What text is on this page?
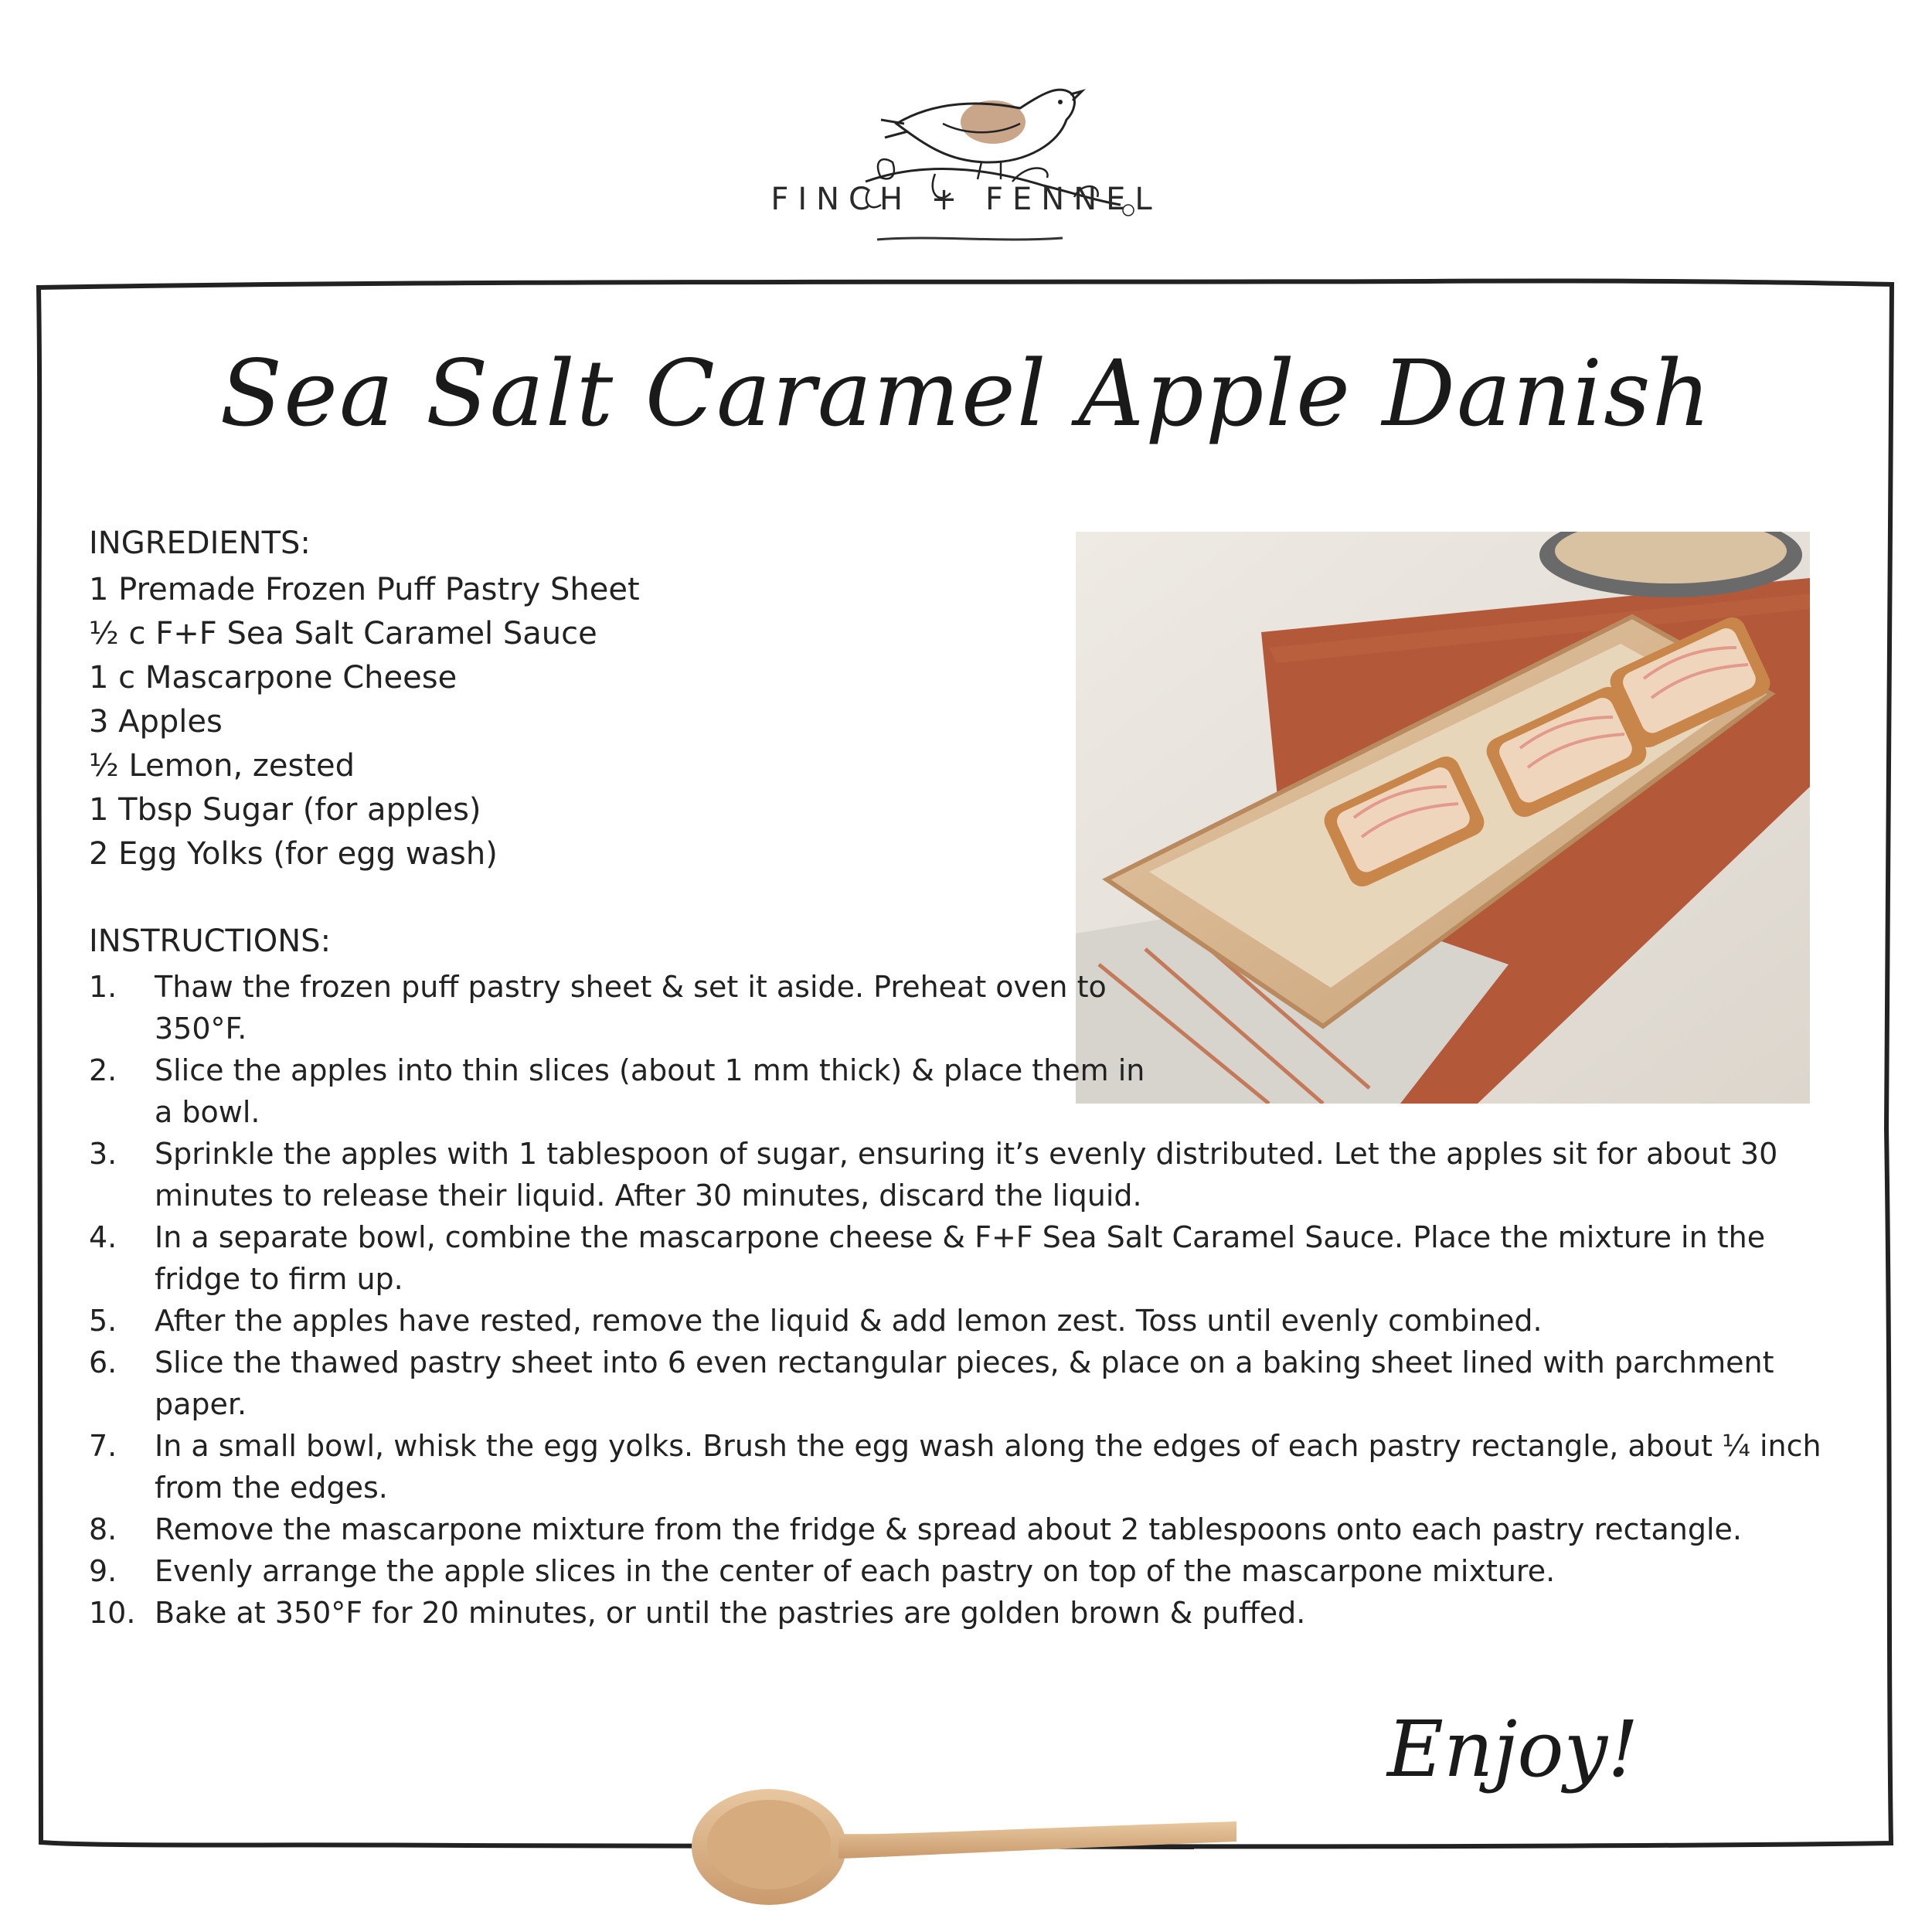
FINCH + FENNEL
Sea Salt Caramel Apple Danish
INGREDIENTS:
1 Premade Frozen Puff Pastry Sheet
½ c F+F Sea Salt Caramel Sauce
1 c Mascarpone Cheese
3 Apples
½ Lemon, zested
1 Tbsp Sugar (for apples)
2 Egg Yolks (for egg wash)
INSTRUCTIONS:
1. Thaw the frozen puff pastry sheet & set it aside. Preheat oven to 350°F.
2. Slice the apples into thin slices (about 1 mm thick) & place them in a bowl.
3. Sprinkle the apples with 1 tablespoon of sugar, ensuring it’s evenly distributed. Let the apples sit for about 30 minutes to release their liquid. After 30 minutes, discard the liquid.
4. In a separate bowl, combine the mascarpone cheese & F+F Sea Salt Caramel Sauce. Place the mixture in the fridge to firm up.
5. After the apples have rested, remove the liquid & add lemon zest. Toss until evenly combined.
6. Slice the thawed pastry sheet into 6 even rectangular pieces, & place on a baking sheet lined with parchment paper.
7. In a small bowl, whisk the egg yolks. Brush the egg wash along the edges of each pastry rectangle, about ¼ inch from the edges.
8. Remove the mascarpone mixture from the fridge & spread about 2 tablespoons onto each pastry rectangle.
9. Evenly arrange the apple slices in the center of each pastry on top of the mascarpone mixture.
10. Bake at 350°F for 20 minutes, or until the pastries are golden brown & puffed.
Enjoy!
